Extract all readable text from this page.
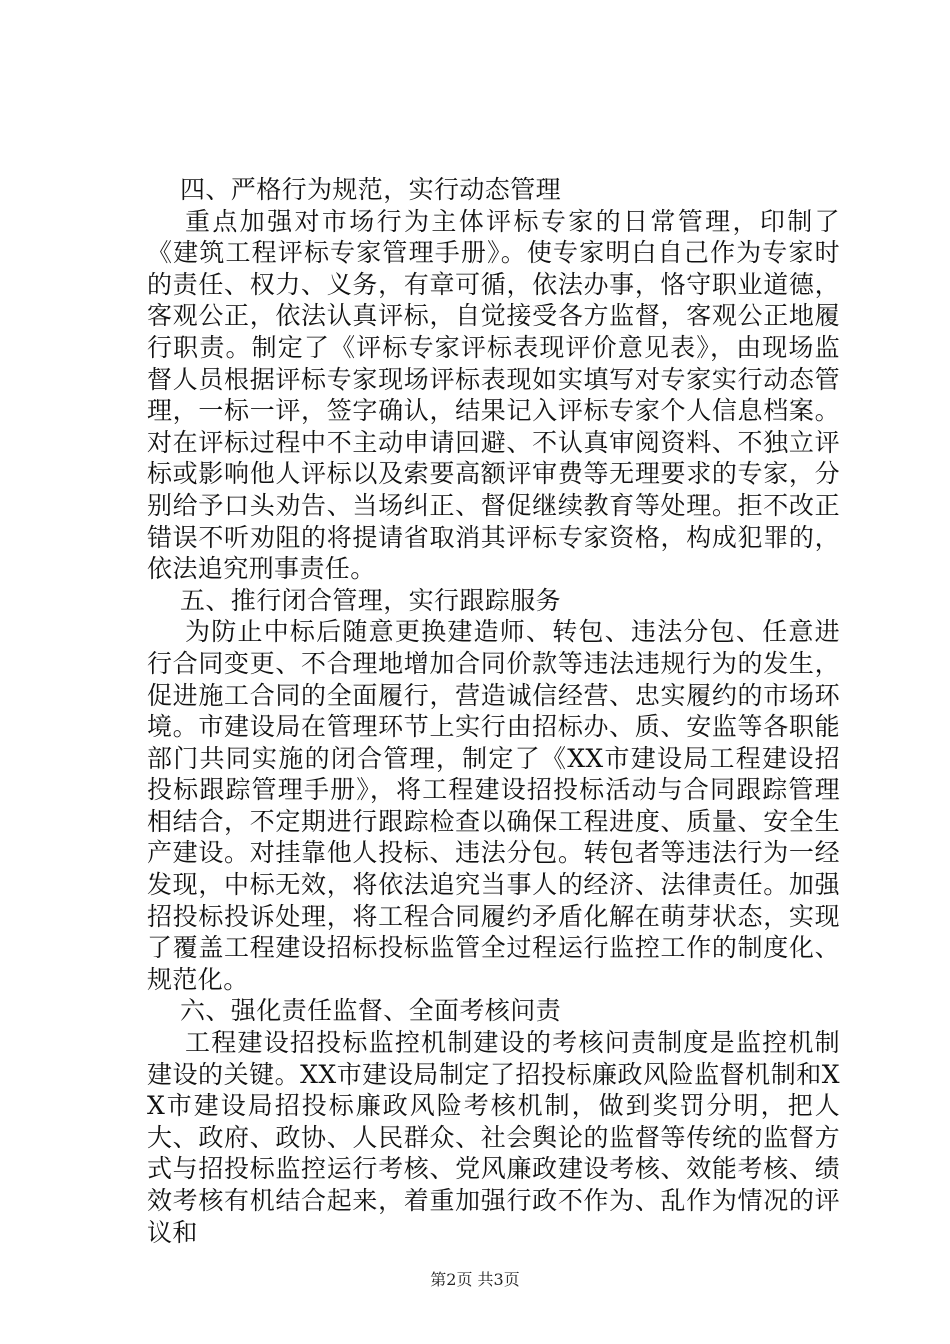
四、严格行为规范，实行动态管理

重点加强对市场行为主体评标专家的日常管理，印制了《建筑工程评标专家管理手册》。使专家明白自己作为专家时的责任、权力、义务，有章可循，依法办事，恪守职业道德，客观公正，依法认真评标，自觉接受各方监督，客观公正地履行职责。制定了《评标专家评标表现评价意见表》，由现场监督人员根据评标专家现场评标表现如实填写对专家实行动态管理，一标一评，签字确认，结果记入评标专家个人信息档案。对在评标过程中不主动申请回避、不认真审阅资料、不独立评标或影响他人评标以及索要高额评审费等无理要求的专家，分别给予口头劝告、当场纠正、督促继续教育等处理。拒不改正错误不听劝阻的将提请省取消其评标专家资格，构成犯罪的，依法追究刑事责任。

五、推行闭合管理，实行跟踪服务

为防止中标后随意更换建造师、转包、违法分包、任意进行合同变更、不合理地增加合同价款等违法违规行为的发生，促进施工合同的全面履行，营造诚信经营、忠实履约的市场环境。市建设局在管理环节上实行由招标办、质、安监等各职能部门共同实施的闭合管理，制定了《XX市建设局工程建设招投标跟踪管理手册》，将工程建设招投标活动与合同跟踪管理相结合，不定期进行跟踪检查以确保工程进度、质量、安全生产建设。对挂靠他人投标、违法分包。转包者等违法行为一经发现，中标无效，将依法追究当事人的经济、法律责任。加强招投标投诉处理，将工程合同履约矛盾化解在萌芽状态，实现了覆盖工程建设招标投标监管全过程运行监控工作的制度化、规范化。

六、强化责任监督、全面考核问责

工程建设招投标监控机制建设的考核问责制度是监控机制建设的关键。XX市建设局制定了招投标廉政风险监督机制和XX市建设局招投标廉政风险考核机制，做到奖罚分明，把人大、政府、政协、人民群众、社会舆论的监督等传统的监督方式与招投标监控运行考核、党风廉政建设考核、效能考核、绩效考核有机结合起来，着重加强行政不作为、乱作为情况的评议和

第2页 共3页
